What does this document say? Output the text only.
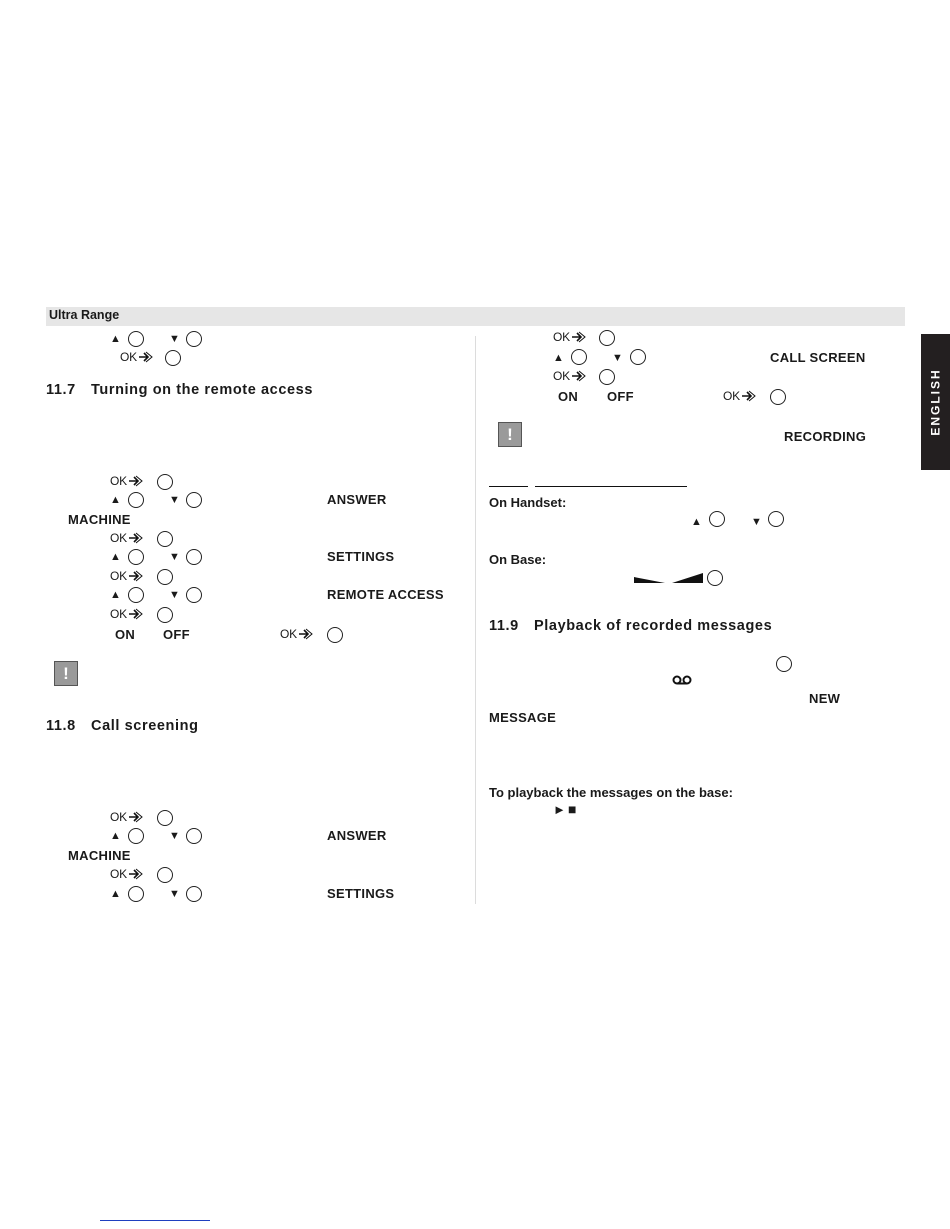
Ultra Range
ENGLISH
▲	▼
OK
11.7 Turning on the remote access
OK
▲	▼	ANSWER
MACHINE
OK
▲	▼	SETTINGS
OK
▲	▼	REMOTE ACCESS
OK
ON OFF	OK
!
11.8 Call screening
OK
▲	▼	ANSWER
MACHINE
OK
▲	▼	SETTINGS
OK
▲	▼	CALL SCREEN
OK
ON OFF	OK
!	RECORDING
On Handset:
▲	▼
On Base:
11.9 Playback of recorded messages
NEW
MESSAGE
To playback the messages on the base:
► ■
